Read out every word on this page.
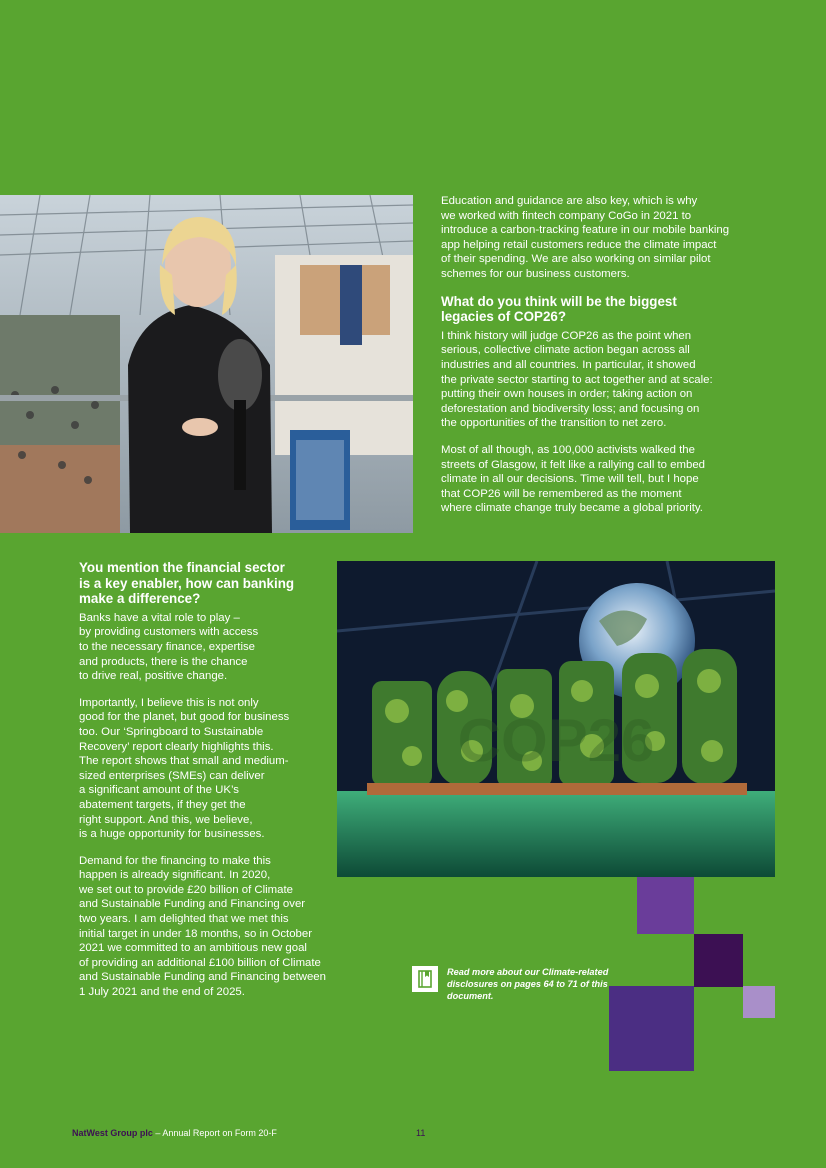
Education and guidance are also key, which is why
we worked with fintech company CoGo in 2021 to
introduce a carbon-tracking feature in our mobile banking
app helping retail customers reduce the climate impact
of their spending. We are also working on similar pilot
schemes for our business customers.

What do you think will be the biggest
legacies of COP26?

I think history will judge COP26 as the point when
serious, collective climate action began across all
industries and all countries. In particular, it showed
the private sector starting to act together and at scale:
putting their own houses in order; taking action on
deforestation and biodiversity loss; and focusing on
the opportunities of the transition to net zero.

Most of all though, as 100,000 activists walked the
streets of Glasgow, it felt like a rallying call to embed
climate in all our decisions. Time will tell, but I hope
that COP26 will be remembered as the moment
where climate change truly became a global priority.

You mention the financial sector
is a key enabler, how can banking
make a difference?

Banks have a vital role to play –
by providing customers with access
to the necessary finance, expertise
and products, there is the chance
to drive real, positive change.

Importantly, I believe this is not only
good for the planet, but good for business
too. Our ‘Springboard to Sustainable
Recovery’ report clearly highlights this.
The report shows that small and medium-
sized enterprises (SMEs) can deliver
a significant amount of the UK’s
abatement targets, if they get the
right support. And this, we believe,
is a huge opportunity for businesses.

Demand for the financing to make this
happen is already significant. In 2020,
we set out to provide £20 billion of Climate
and Sustainable Funding and Financing over
two years. I am delighted that we met this
initial target in under 18 months, so in October
2021 we committed to an ambitious new goal
of providing an additional £100 billion of Climate
and Sustainable Funding and Financing between
1 July 2021 and the end of 2025.

COP26
Read more about our Climate-related
disclosures on pages 64 to 71 of this
document.
NatWest Group plc – Annual Report on Form 20-F	11
